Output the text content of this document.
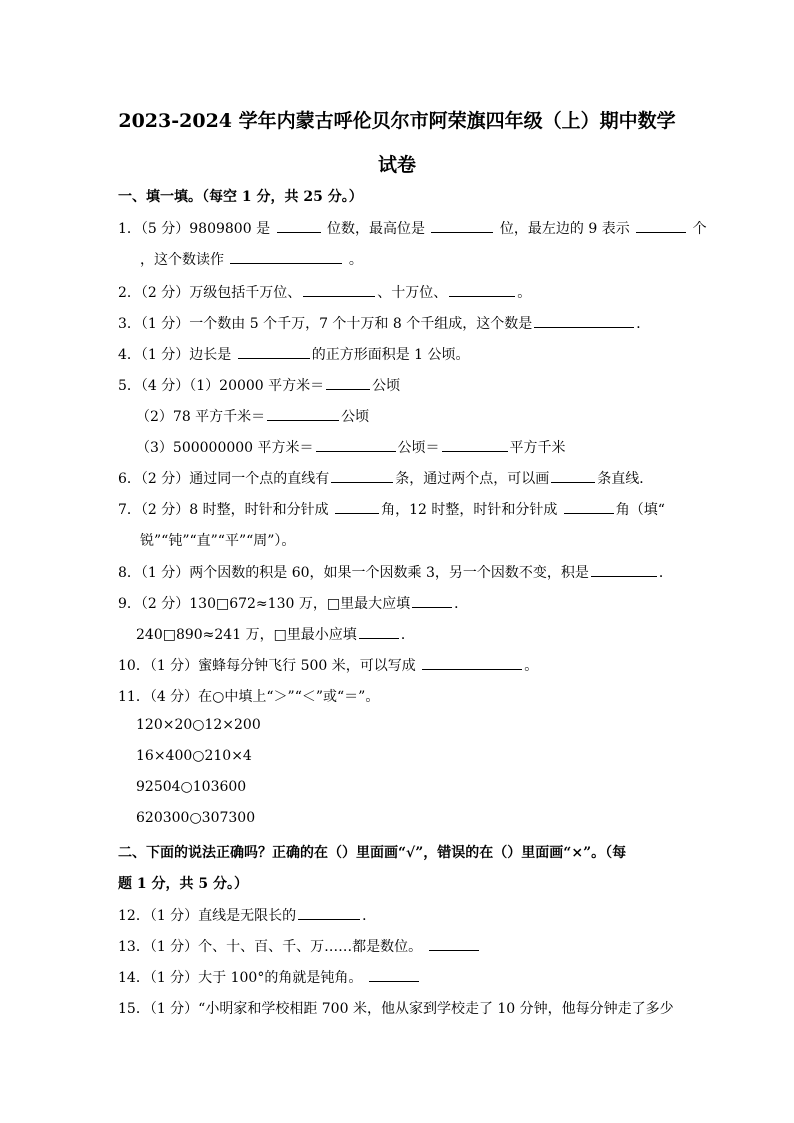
2023-2024 学年内蒙古呼伦贝尔市阿荣旗四年级（上）期中数学
试卷
一、填一填。（每空 1 分，共 25 分。）
1．（5 分）9809800 是	位数，最高位是	位，最左边的 9 表示	个
，这个数读作	。
2．（2 分）万级包括千万位、	、十万位、	。
3．（1 分）一个数由 5 个千万，7 个十万和 8 个千组成，这个数是	．
4．（1 分）边长是	的正方形面积是 1 公顷。
5．（4 分）（1）20000 平方米＝	公顷
（2）78 平方千米＝	公顷
（3）500000000 平方米＝	公顷＝	平方千米
6．（2 分）通过同一个点的直线有	条，通过两个点，可以画	条直线．
7．（2 分）8 时整，时针和分针成	角，12 时整，时针和分针成	角（填“
锐”“钝”“直”“平”“周”）。
8．（1 分）两个因数的积是 60，如果一个因数乘 3，另一个因数不变，积是	．
9．（2 分）130□672≈130 万，□里最大应填	．
240□890≈241 万，□里最小应填	．
10．（1 分）蜜蜂每分钟飞行 500 米，可以写成	。
11．（4 分）在○中填上“＞”“＜”或“＝”。
120×20○12×200
16×400○210×4
92504○103600
620300○307300
二、下面的说法正确吗？正确的在（）里面画“√”，错误的在（）里面画“×”。（每
题 1 分，共 5 分。）
12．（1 分）直线是无限长的	．
13．（1 分）个、十、百、千、万……都是数位。
14．（1 分）大于 100°的角就是钝角。
15．（1 分）“小明家和学校相距 700 米，他从家到学校走了 10 分钟，他每分钟走了多少
